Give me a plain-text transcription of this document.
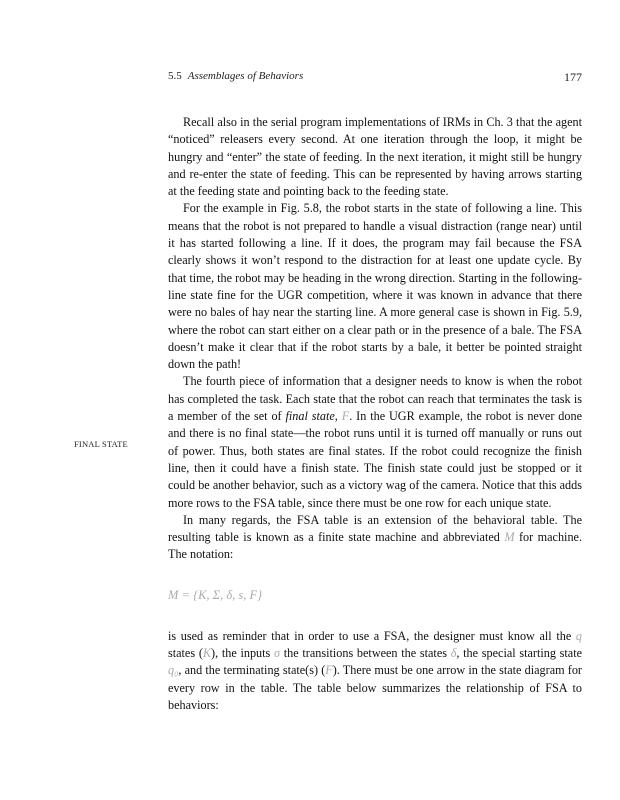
5.5 Assemblages of Behaviors	177
FINAL STATE

Recall also in the serial program implementations of IRMs in Ch. 3 that the agent “noticed” releasers every second. At one iteration through the loop, it might be hungry and “enter” the state of feeding. In the next iteration, it might still be hungry and re-enter the state of feeding. This can be represented by having arrows starting at the feeding state and pointing back to the feeding state.

For the example in Fig. 5.8, the robot starts in the state of following a line. This means that the robot is not prepared to handle a visual distraction (range near) until it has started following a line. If it does, the program may fail because the FSA clearly shows it won’t respond to the distraction for at least one update cycle. By that time, the robot may be heading in the wrong direction. Starting in the following-line state fine for the UGR competition, where it was known in advance that there were no bales of hay near the starting line. A more general case is shown in Fig. 5.9, where the robot can start either on a clear path or in the presence of a bale. The FSA doesn’t make it clear that if the robot starts by a bale, it better be pointed straight down the path!

The fourth piece of information that a designer needs to know is when the robot has completed the task. Each state that the robot can reach that terminates the task is a member of the set of final state, F. In the UGR example, the robot is never done and there is no final state—the robot runs until it is turned off manually or runs out of power. Thus, both states are final states. If the robot could recognize the finish line, then it could have a finish state. The finish state could just be stopped or it could be another behavior, such as a victory wag of the camera. Notice that this adds more rows to the FSA table, since there must be one row for each unique state.

In many regards, the FSA table is an extension of the behavioral table. The resulting table is known as a finite state machine and abbreviated M for machine. The notation:

M = {K, Σ, δ, s, F}

is used as reminder that in order to use a FSA, the designer must know all the q states (K), the inputs σ the transitions between the states δ, the special starting state q₀, and the terminating state(s) (F). There must be one arrow in the state diagram for every row in the table. The table below summarizes the relationship of FSA to behaviors:
